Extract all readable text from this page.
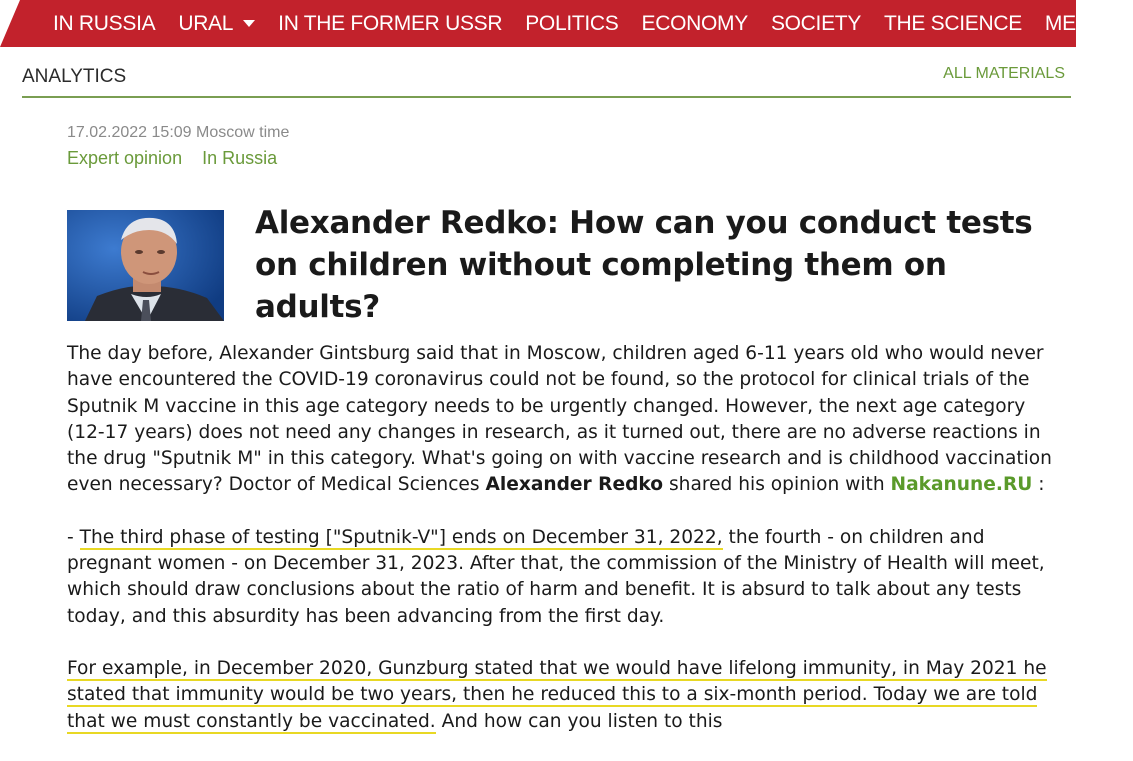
IN RUSSIA URAL IN THE FORMER USSR POLITICS ECONOMY SOCIETY THE SCIENCE MEDIA
ANALYTICS	ALL MATERIALS
17.02.2022 15:09 Moscow time
Expert opinion In Russia
Alexander Redko: How can you conduct tests on children without completing them on adults?

The day before, Alexander Gintsburg said that in Moscow, children aged 6-11 years old who would never have encountered the COVID-19 coronavirus could not be found, so the protocol for clinical trials of the Sputnik M vaccine in this age category needs to be urgently changed. However, the next age category (12-17 years) does not need any changes in research, as it turned out, there are no adverse reactions in the drug "Sputnik M" in this category. What's going on with vaccine research and is childhood vaccination even necessary? Doctor of Medical Sciences Alexander Redko shared his opinion with Nakanune.RU :

- The third phase of testing ["Sputnik-V"] ends on December 31, 2022, the fourth - on children and pregnant women - on December 31, 2023. After that, the commission of the Ministry of Health will meet, which should draw conclusions about the ratio of harm and benefit. It is absurd to talk about any tests today, and this absurdity has been advancing from the first day.

For example, in December 2020, Gunzburg stated that we would have lifelong immunity, in May 2021 he stated that immunity would be two years, then he reduced this to a six-month period. Today we are told that we must constantly be vaccinated. And how can you listen to this
